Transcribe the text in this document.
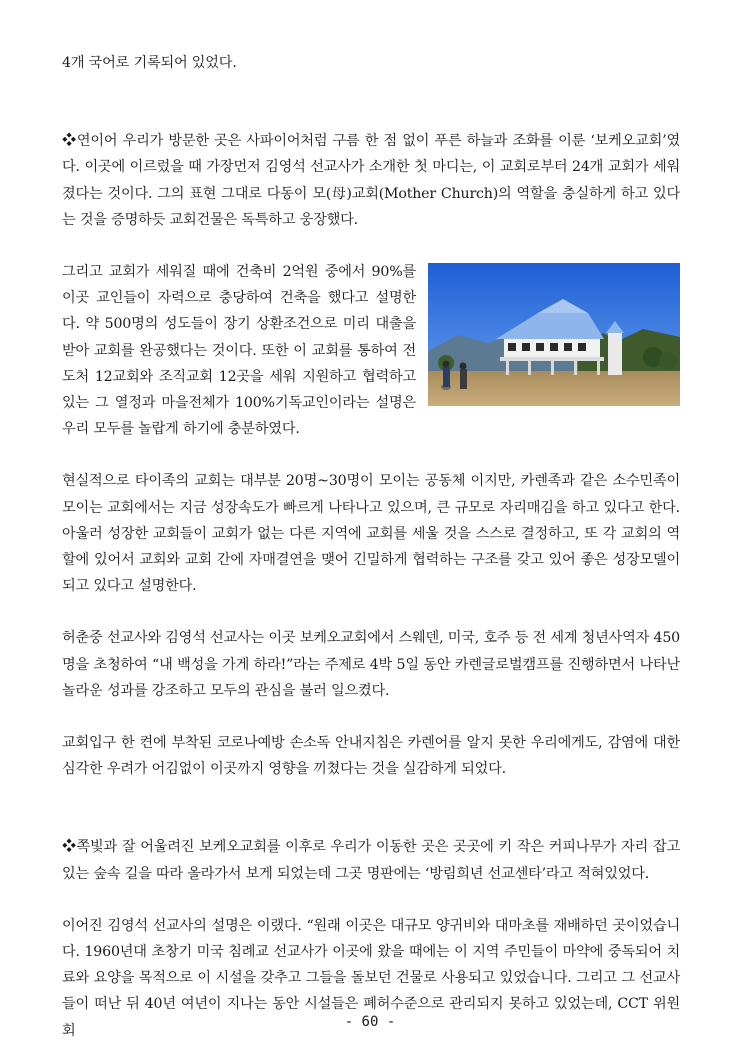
4개 국어로 기록되어 있었다.

❖연이어 우리가 방문한 곳은 사파이어처럼 구름 한 점 없이 푸른 하늘과 조화를 이룬 ‘보케오교회’였다. 이곳에 이르렀을 때 가장먼저 김영석 선교사가 소개한 첫 마디는, 이 교회로부터 24개 교회가 세워졌다는 것이다. 그의 표현 그대로 다동이 모(母)교회(Mother Church)의 역할을 충실하게 하고 있다는 것을 증명하듯 교회건물은 독특하고 웅장했다.

그리고 교회가 세워질 때에 건축비 2억원 중에서 90%를 이곳 교인들이 자력으로 충당하여 건축을 했다고 설명한다. 약 500명의 성도들이 장기 상환조건으로 미리 대출을 받아 교회를 완공했다는 것이다. 또한 이 교회를 통하여 전도처 12교회와 조직교회 12곳을 세워 지원하고 협력하고 있는 그 열정과 마을전체가 100%기독교인이라는 설명은 우리 모두를 놀랍게 하기에 충분하였다.

현실적으로 타이족의 교회는 대부분 20명~30명이 모이는 공동체 이지만, 카렌족과 같은 소수민족이 모이는 교회에서는 지금 성장속도가 빠르게 나타나고 있으며, 큰 규모로 자리매김을 하고 있다고 한다. 아울러 성장한 교회들이 교회가 없는 다른 지역에 교회를 세울 것을 스스로 결정하고, 또 각 교회의 역할에 있어서 교회와 교회 간에 자매결연을 맺어 긴밀하게 협력하는 구조를 갖고 있어 좋은 성장모델이 되고 있다고 설명한다.

허춘중 선교사와 김영석 선교사는 이곳 보케오교회에서 스웨덴, 미국, 호주 등 전 세계 청년사역자 450명을 초청하여 “내 백성을 가게 하라!”라는 주제로 4박 5일 동안 카렌글로벌캠프를 진행하면서 나타난 놀라운 성과를 강조하고 모두의 관심을 불러 일으켰다.

교회입구 한 켠에 부착된 코로나예방 손소독 안내지침은 카렌어를 알지 못한 우리에게도, 감염에 대한 심각한 우려가 어김없이 이곳까지 영향을 끼쳤다는 것을 실감하게 되었다.

❖쪽빛과 잘 어울려진 보케오교회를 이후로 우리가 이동한 곳은 곳곳에 키 작은 커피나무가 자리 잡고 있는 숲속 길을 따라 올라가서 보게 되었는데 그곳 명판에는 ‘방림희년 선교센타’라고 적혀있었다.

이어진 김영석 선교사의 설명은 이랬다. “원래 이곳은 대규모 양귀비와 대마초를 재배하던 곳이었습니다. 1960년대 초창기 미국 침례교 선교사가 이곳에 왔을 때에는 이 지역 주민들이 마약에 중독되어 치료와 요양을 목적으로 이 시설을 갖추고 그들을 돌보던 건물로 사용되고 있었습니다. 그리고 그 선교사들이 떠난 뒤 40년 여년이 지나는 동안 시설들은 폐허수준으로 관리되지 못하고 있었는데, CCT 위원회

- 60 -
